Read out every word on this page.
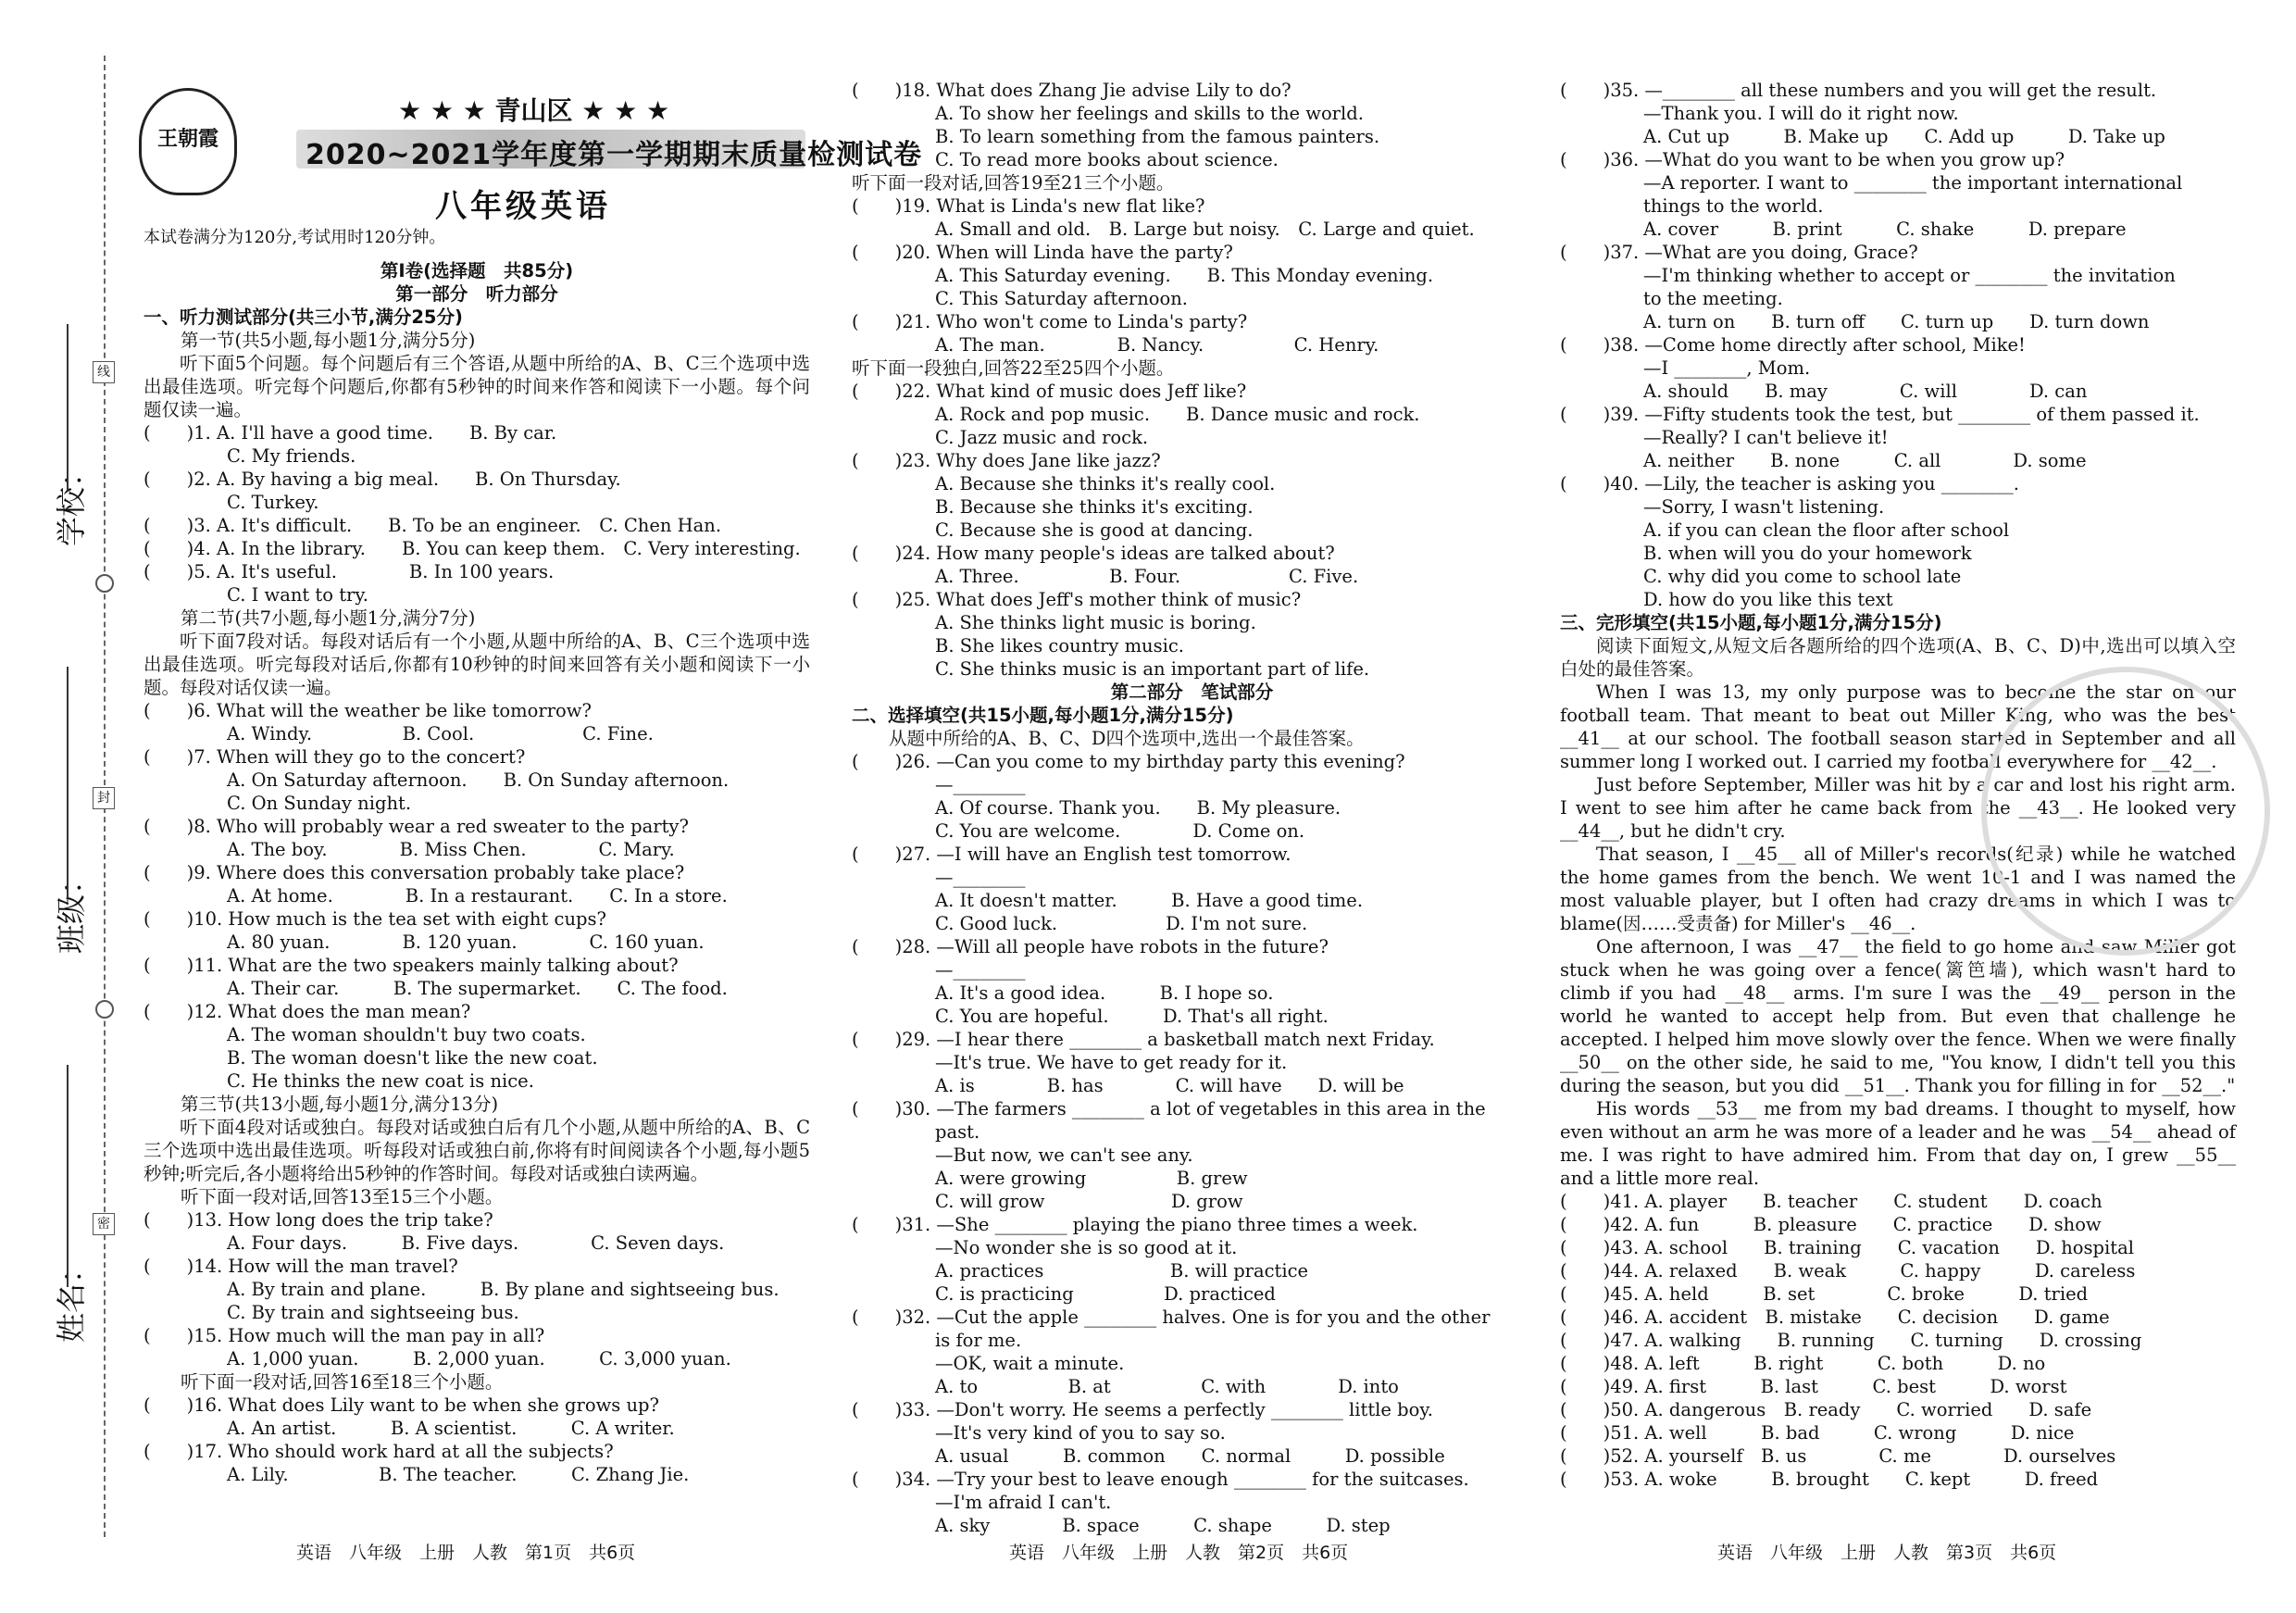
学校：
班级：
姓名：
线
封
密
王朝霞
★ ★ ★ 青山区 ★ ★ ★
2020~2021学年度第一学期期末质量检测试卷
八年级英语
本试卷满分为120分,考试用时120分钟。
第Ⅰ卷(选择题　共85分)
第一部分　听力部分
一、听力测试部分(共三小节,满分25分)
第一节(共5小题,每小题1分,满分5分)
听下面5个问题。每个问题后有三个答语,从题中所给的A、B、C三个选项中选出最佳选项。听完每个问题后,你都有5秒钟的时间来作答和阅读下一小题。每个问题仅读一遍。
(　　)1. A. I'll have a good time.　　B. By car.
C. My friends.
(　　)2. A. By having a big meal.　　B. On Thursday.
C. Turkey.
(　　)3. A. It's difficult.　　B. To be an engineer.　C. Chen Han.
(　　)4. A. In the library.　　B. You can keep them.　C. Very interesting.
(　　)5. A. It's useful.　　　　B. In 100 years.
C. I want to try.
第二节(共7小题,每小题1分,满分7分)
听下面7段对话。每段对话后有一个小题,从题中所给的A、B、C三个选项中选出最佳选项。听完每段对话后,你都有10秒钟的时间来回答有关小题和阅读下一小题。每段对话仅读一遍。
(　　)6. What will the weather be like tomorrow?
A. Windy.　　　　　B. Cool.　　　　　　C. Fine.
(　　)7. When will they go to the concert?
A. On Saturday afternoon.　　B. On Sunday afternoon.
C. On Sunday night.
(　　)8. Who will probably wear a red sweater to the party?
A. The boy.　　　　B. Miss Chen.　　　　C. Mary.
(　　)9. Where does this conversation probably take place?
A. At home.　　　　B. In a restaurant.　　C. In a store.
(　　)10. How much is the tea set with eight cups?
A. 80 yuan.　　　　B. 120 yuan.　　　　C. 160 yuan.
(　　)11. What are the two speakers mainly talking about?
A. Their car.　　　B. The supermarket.　　C. The food.
(　　)12. What does the man mean?
A. The woman shouldn't buy two coats.
B. The woman doesn't like the new coat.
C. He thinks the new coat is nice.
第三节(共13小题,每小题1分,满分13分)
听下面4段对话或独白。每段对话或独白后有几个小题,从题中所给的A、B、C三个选项中选出最佳选项。听每段对话或独白前,你将有时间阅读各个小题,每小题5秒钟;听完后,各小题将给出5秒钟的作答时间。每段对话或独白读两遍。
听下面一段对话,回答13至15三个小题。
(　　)13. How long does the trip take?
A. Four days.　　　B. Five days.　　　　C. Seven days.
(　　)14. How will the man travel?
A. By train and plane.　　　B. By plane and sightseeing bus.
C. By train and sightseeing bus.
(　　)15. How much will the man pay in all?
A. 1,000 yuan.　　　B. 2,000 yuan.　　　C. 3,000 yuan.
听下面一段对话,回答16至18三个小题。
(　　)16. What does Lily want to be when she grows up?
A. An artist.　　　B. A scientist.　　　C. A writer.
(　　)17. Who should work hard at all the subjects?
A. Lily.　　　　　B. The teacher.　　　C. Zhang Jie.
(　　)18. What does Zhang Jie advise Lily to do?
A. To show her feelings and skills to the world.
B. To learn something from the famous painters.
C. To read more books about science.
听下面一段对话,回答19至21三个小题。
(　　)19. What is Linda's new flat like?
A. Small and old.　B. Large but noisy.　C. Large and quiet.
(　　)20. When will Linda have the party?
A. This Saturday evening.　　B. This Monday evening.
C. This Saturday afternoon.
(　　)21. Who won't come to Linda's party?
A. The man.　　　　B. Nancy.　　　　　C. Henry.
听下面一段独白,回答22至25四个小题。
(　　)22. What kind of music does Jeff like?
A. Rock and pop music.　　B. Dance music and rock.
C. Jazz music and rock.
(　　)23. Why does Jane like jazz?
A. Because she thinks it's really cool.
B. Because she thinks it's exciting.
C. Because she is good at dancing.
(　　)24. How many people's ideas are talked about?
A. Three.　　　　　B. Four.　　　　　　C. Five.
(　　)25. What does Jeff's mother think of music?
A. She thinks light music is boring.
B. She likes country music.
C. She thinks music is an important part of life.
第二部分　笔试部分
二、选择填空(共15小题,每小题1分,满分15分)
从题中所给的A、B、C、D四个选项中,选出一个最佳答案。
(　　)26. —Can you come to my birthday party this evening?
—________
A. Of course. Thank you.　　B. My pleasure.
C. You are welcome.　　　　D. Come on.
(　　)27. —I will have an English test tomorrow.
—________
A. It doesn't matter.　　　B. Have a good time.
C. Good luck.　　　　　　D. I'm not sure.
(　　)28. —Will all people have robots in the future?
—________
A. It's a good idea.　　　B. I hope so.
C. You are hopeful.　　　D. That's all right.
(　　)29. —I hear there ________ a basketball match next Friday.
—It's true. We have to get ready for it.
A. is　　　　B. has　　　　C. will have　　D. will be
(　　)30. —The farmers ________ a lot of vegetables in this area in the
past.
—But now, we can't see any.
A. were growing　　　　　B. grew
C. will grow　　　　　　　D. grow
(　　)31. —She ________ playing the piano three times a week.
—No wonder she is so good at it.
A. practices　　　　　　　B. will practice
C. is practicing　　　　　D. practiced
(　　)32. —Cut the apple ________ halves. One is for you and the other
is for me.
—OK, wait a minute.
A. to　　　　　B. at　　　　　C. with　　　　D. into
(　　)33. —Don't worry. He seems a perfectly ________ little boy.
—It's very kind of you to say so.
A. usual　　　B. common　　C. normal　　　D. possible
(　　)34. —Try your best to leave enough ________ for the suitcases.
—I'm afraid I can't.
A. sky　　　　B. space　　　C. shape　　　D. step
(　　)35. —________ all these numbers and you will get the result.
—Thank you. I will do it right now.
A. Cut up　　　B. Make up　　C. Add up　　　D. Take up
(　　)36. —What do you want to be when you grow up?
—A reporter. I want to ________ the important international
things to the world.
A. cover　　　B. print　　　C. shake　　　D. prepare
(　　)37. —What are you doing, Grace?
—I'm thinking whether to accept or ________ the invitation
to the meeting.
A. turn on　　B. turn off　　C. turn up　　D. turn down
(　　)38. —Come home directly after school, Mike!
—I ________, Mom.
A. should　　B. may　　　　C. will　　　　D. can
(　　)39. —Fifty students took the test, but ________ of them passed it.
—Really? I can't believe it!
A. neither　　B. none　　　C. all　　　　D. some
(　　)40. —Lily, the teacher is asking you ________.
—Sorry, I wasn't listening.
A. if you can clean the floor after school
B. when will you do your homework
C. why did you come to school late
D. how do you like this text
三、完形填空(共15小题,每小题1分,满分15分)
阅读下面短文,从短文后各题所给的四个选项(A、B、C、D)中,选出可以填入空白处的最佳答案。
When I was 13, my only purpose was to become the star on our football team. That meant to beat out Miller King, who was the best __41__ at our school. The football season started in September and all summer long I worked out. I carried my football everywhere for __42__.
Just before September, Miller was hit by a car and lost his right arm. I went to see him after he came back from the __43__. He looked very __44__, but he didn't cry.
That season, I __45__ all of Miller's records(纪录) while he watched the home games from the bench. We went 10-1 and I was named the most valuable player, but I often had crazy dreams in which I was to blame(因……受责备) for Miller's __46__.
One afternoon, I was __47__ the field to go home and saw Miller got stuck when he was going over a fence(篱笆墙), which wasn't hard to climb if you had __48__ arms. I'm sure I was the __49__ person in the world he wanted to accept help from. But even that challenge he accepted. I helped him move slowly over the fence. When we were finally __50__ on the other side, he said to me, "You know, I didn't tell you this during the season, but you did __51__. Thank you for filling in for __52__."
His words __53__ me from my bad dreams. I thought to myself, how even without an arm he was more of a leader and he was __54__ ahead of me. I was right to have admired him. From that day on, I grew __55__ and a little more real.
(　　)41. A. player　　B. teacher　　C. student　　D. coach
(　　)42. A. fun　　　B. pleasure　　C. practice　　D. show
(　　)43. A. school　　B. training　　C. vacation　　D. hospital
(　　)44. A. relaxed　　B. weak　　　C. happy　　　D. careless
(　　)45. A. held　　　B. set　　　　C. broke　　　D. tried
(　　)46. A. accident　B. mistake　　C. decision　　D. game
(　　)47. A. walking　　B. running　　C. turning　　D. crossing
(　　)48. A. left　　　B. right　　　C. both　　　D. no
(　　)49. A. first　　　B. last　　　C. best　　　D. worst
(　　)50. A. dangerous　B. ready　　C. worried　　D. safe
(　　)51. A. well　　　B. bad　　　C. wrong　　　D. nice
(　　)52. A. yourself　B. us　　　　C. me　　　　D. ourselves
(　　)53. A. woke　　　B. brought　　C. kept　　　D. freed
英语　八年级　上册　人教　第1页　共6页	英语　八年级　上册　人教　第2页　共6页	英语　八年级　上册　人教　第3页　共6页
